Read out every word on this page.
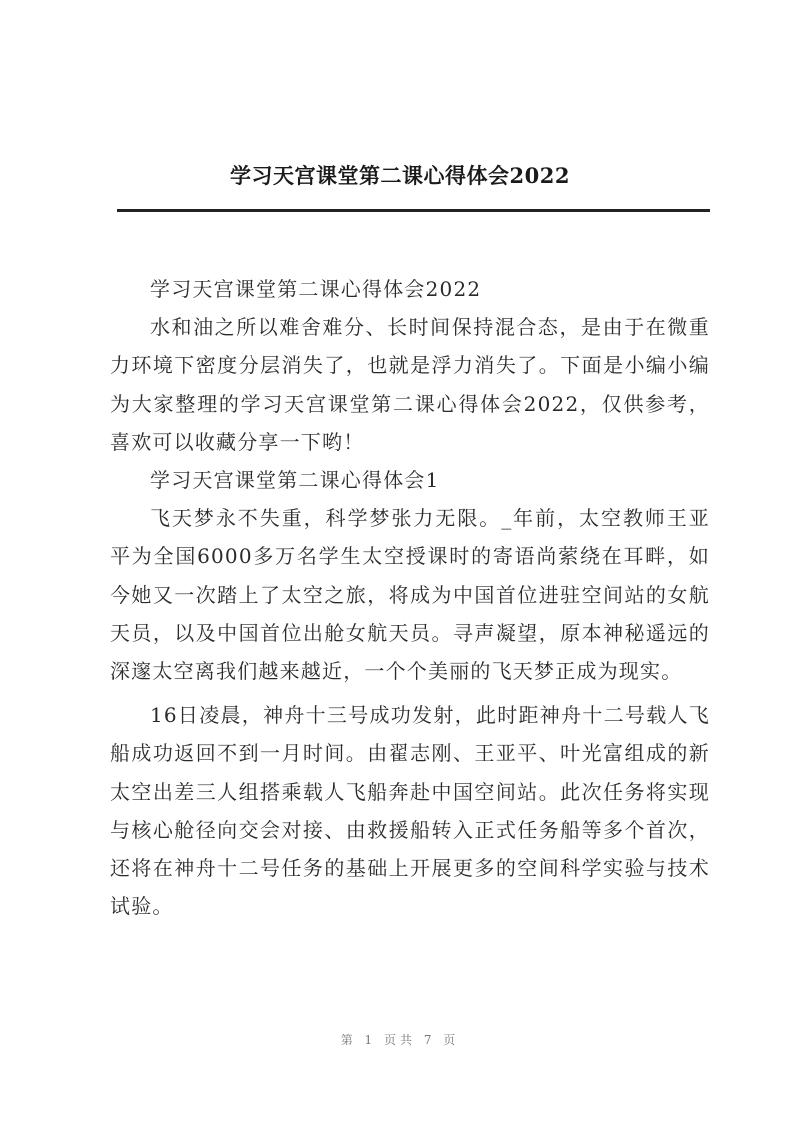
学习天宫课堂第二课心得体会2022

学习天宫课堂第二课心得体会2022

水和油之所以难舍难分、长时间保持混合态，是由于在微重力环境下密度分层消失了，也就是浮力消失了。下面是小编小编为大家整理的学习天宫课堂第二课心得体会2022，仅供参考，喜欢可以收藏分享一下哟！

学习天宫课堂第二课心得体会1

飞天梦永不失重，科学梦张力无限。_年前，太空教师王亚平为全国6000多万名学生太空授课时的寄语尚萦绕在耳畔，如今她又一次踏上了太空之旅，将成为中国首位进驻空间站的女航天员，以及中国首位出舱女航天员。寻声凝望，原本神秘遥远的深邃太空离我们越来越近，一个个美丽的飞天梦正成为现实。

16日凌晨，神舟十三号成功发射，此时距神舟十二号载人飞船成功返回不到一月时间。由翟志刚、王亚平、叶光富组成的新太空出差三人组搭乘载人飞船奔赴中国空间站。此次任务将实现与核心舱径向交会对接、由救援船转入正式任务船等多个首次，还将在神舟十二号任务的基础上开展更多的空间科学实验与技术试验。

第 1 页共 7 页
